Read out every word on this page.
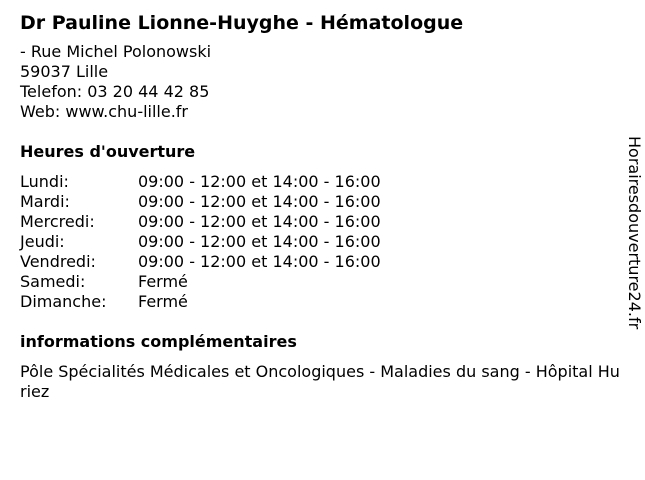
Dr Pauline Lionne-Huyghe - Hématologue
- Rue Michel Polonowski
59037 Lille
Telefon: 03 20 44 42 85
Web: www.chu-lille.fr
Heures d'ouverture
Lundi:	09:00 - 12:00 et 14:00 - 16:00
Mardi:	09:00 - 12:00 et 14:00 - 16:00
Mercredi:	09:00 - 12:00 et 14:00 - 16:00
Jeudi:	09:00 - 12:00 et 14:00 - 16:00
Vendredi:	09:00 - 12:00 et 14:00 - 16:00
Samedi:	Fermé
Dimanche:	Fermé
informations complémentaires
Pôle Spécialités Médicales et Oncologiques - Maladies du sang - Hôpital Huriez
Horairesdouverture24.fr
